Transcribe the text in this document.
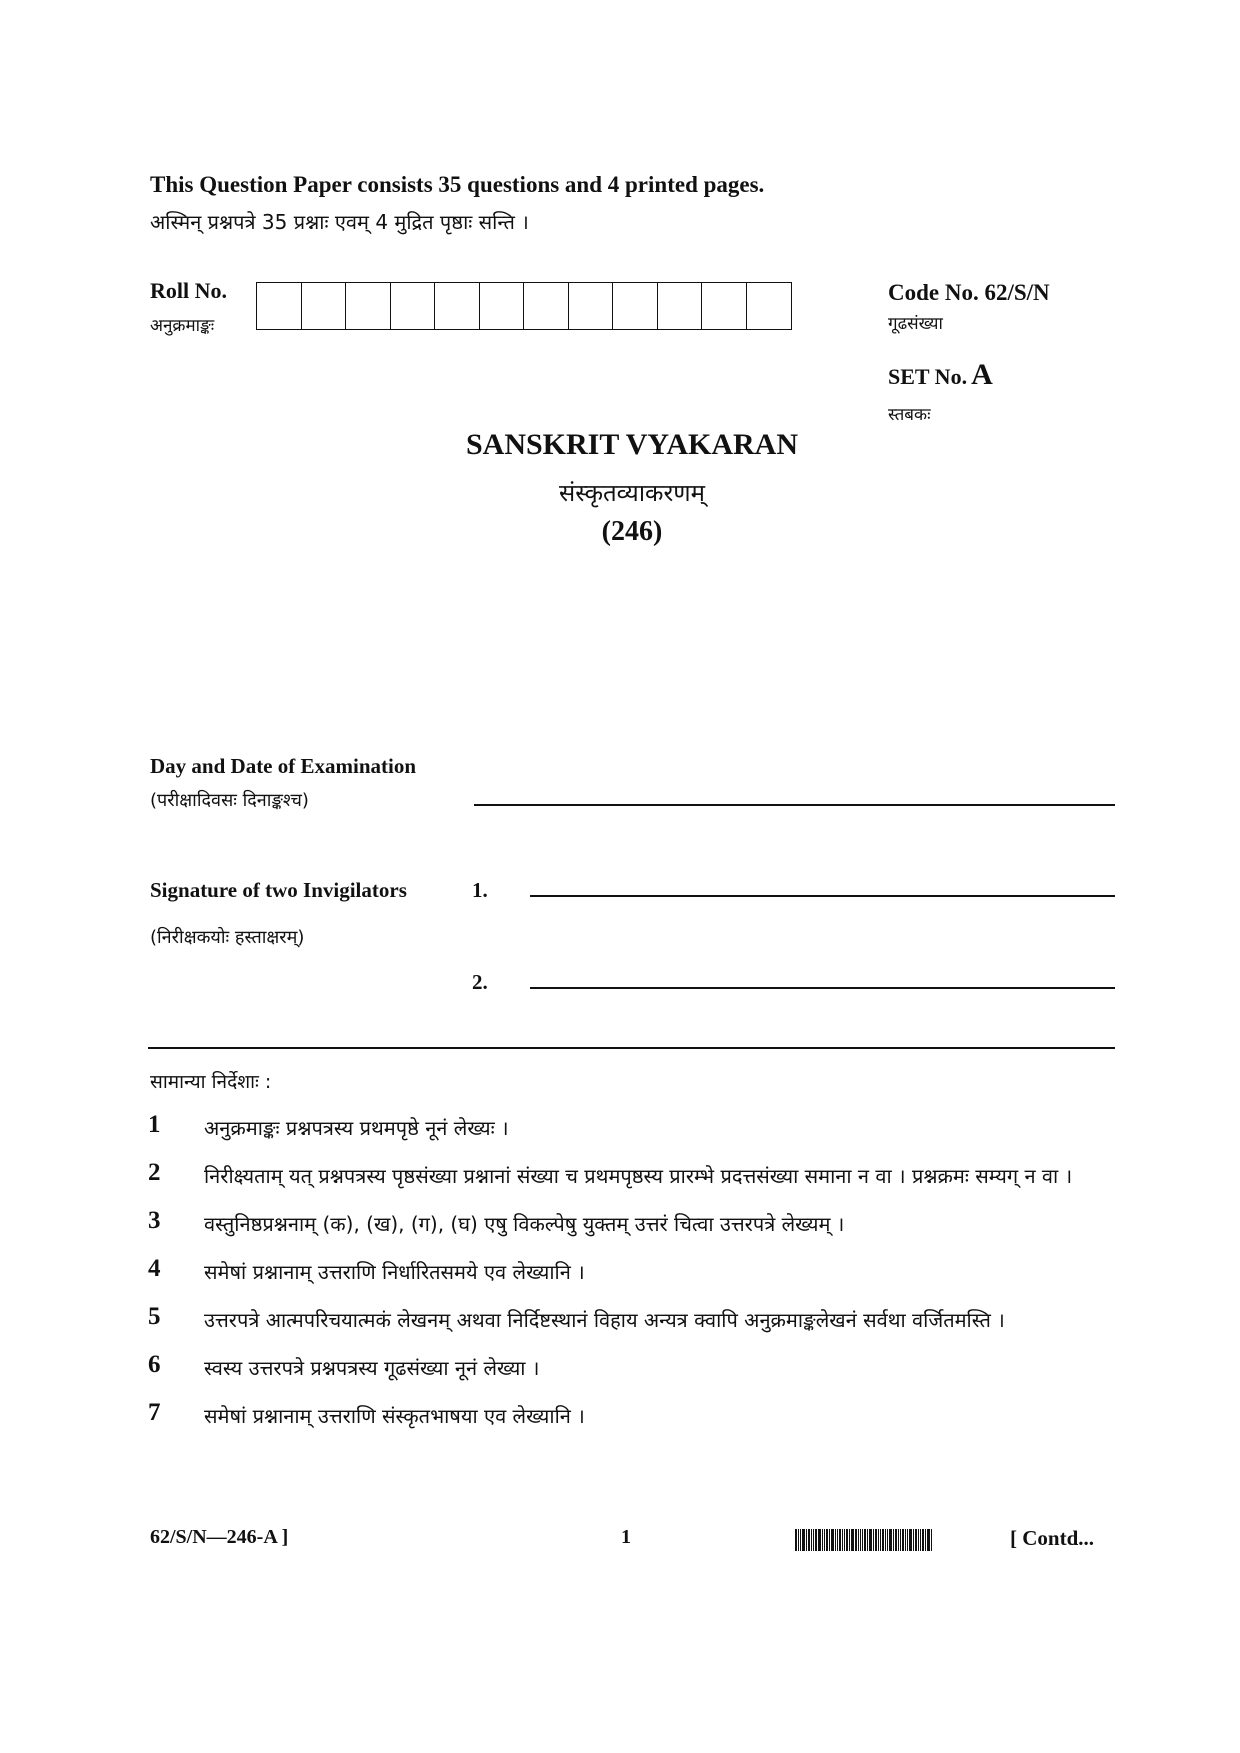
This Question Paper consists 35 questions and 4 printed pages.
अस्मिन् प्रश्नपत्रे 35 प्रश्नाः एवम् 4 मुद्रित पृष्ठाः सन्ति ।
Roll No.
अनुक्रमाङ्कः
Code No. 62/S/N
गूढसंख्या
SET No. A
स्तबकः
SANSKRIT VYAKARAN
संस्कृतव्याकरणम्
(246)
Day and Date of Examination
(परीक्षादिवसः दिनाङ्कश्च)
Signature of two Invigilators	1.
(निरीक्षकयोः हस्ताक्षरम्)
2.
सामान्या निर्देशाः :
1	अनुक्रमाङ्कः प्रश्नपत्रस्य प्रथमपृष्ठे नूनं लेख्यः ।
2	निरीक्ष्यताम् यत् प्रश्नपत्रस्य पृष्ठसंख्या प्रश्नानां संख्या च प्रथमपृष्ठस्य प्रारम्भे प्रदत्तसंख्या समाना न वा । प्रश्नक्रमः सम्यग् न वा ।
3	वस्तुनिष्ठप्रश्ननाम् (क), (ख), (ग), (घ) एषु विकल्पेषु युक्तम् उत्तरं चित्वा उत्तरपत्रे लेख्यम् ।
4	समेषां प्रश्नानाम् उत्तराणि निर्धारितसमये एव लेख्यानि ।
5	उत्तरपत्रे आत्मपरिचयात्मकं लेखनम् अथवा निर्दिष्टस्थानं विहाय अन्यत्र क्वापि अनुक्रमाङ्कलेखनं सर्वथा वर्जितमस्ति ।
6	स्वस्य उत्तरपत्रे प्रश्नपत्रस्य गूढसंख्या नूनं लेख्या ।
7	समेषां प्रश्नानाम् उत्तराणि संस्कृतभाषया एव लेख्यानि ।
62/S/N—246-A ]	1	[ Contd...
